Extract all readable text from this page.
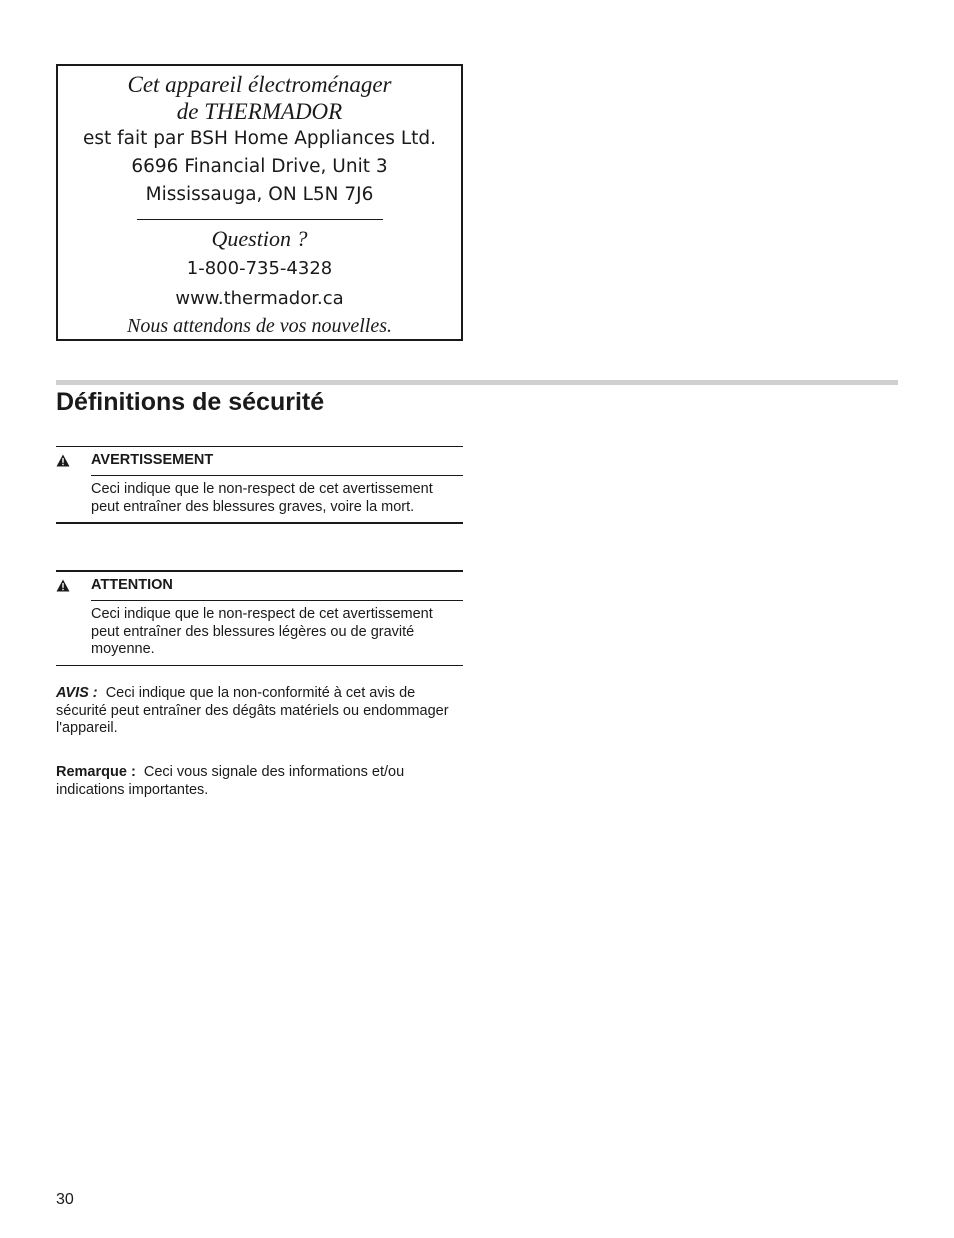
Cet appareil électroménager
de THERMADOR
est fait par BSH Home Appliances Ltd.
6696 Financial Drive, Unit 3
Mississauga, ON L5N 7J6
Question ?
1-800-735-4328
www.thermador.ca
Nous attendons de vos nouvelles.
Définitions de sécurité
AVERTISSEMENT
Ceci indique que le non-respect de cet avertissement peut entraîner des blessures graves, voire la mort.
ATTENTION
Ceci indique que le non-respect de cet avertissement peut entraîner des blessures légères ou de gravité moyenne.
AVIS : Ceci indique que la non-conformité à cet avis de sécurité peut entraîner des dégâts matériels ou endommager l'appareil.
Remarque : Ceci vous signale des informations et/ou indications importantes.
30
